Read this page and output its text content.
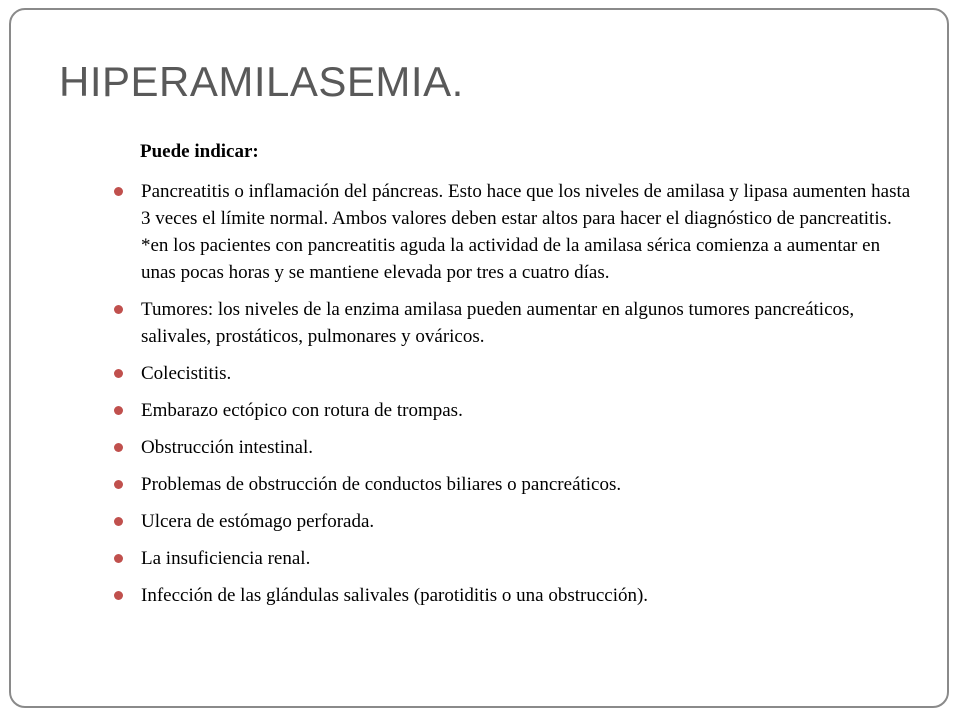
HIPERAMILASEMIA.

Puede indicar:

Pancreatitis o inflamación del páncreas. Esto hace que los niveles de amilasa y lipasa aumenten hasta 3 veces el límite normal. Ambos valores deben estar altos para hacer el diagnóstico de pancreatitis. *en los pacientes con pancreatitis aguda la actividad de la amilasa sérica comienza a aumentar en unas pocas horas y se mantiene elevada por tres a cuatro días.
Tumores: los niveles de la enzima amilasa pueden aumentar en algunos tumores pancreáticos, salivales, prostáticos, pulmonares y ováricos.
Colecistitis.
Embarazo ectópico con rotura de trompas.
Obstrucción intestinal.
Problemas de obstrucción de conductos biliares o pancreáticos.
Ulcera de estómago perforada.
La insuficiencia renal.
Infección de las glándulas salivales (parotiditis o una obstrucción).
